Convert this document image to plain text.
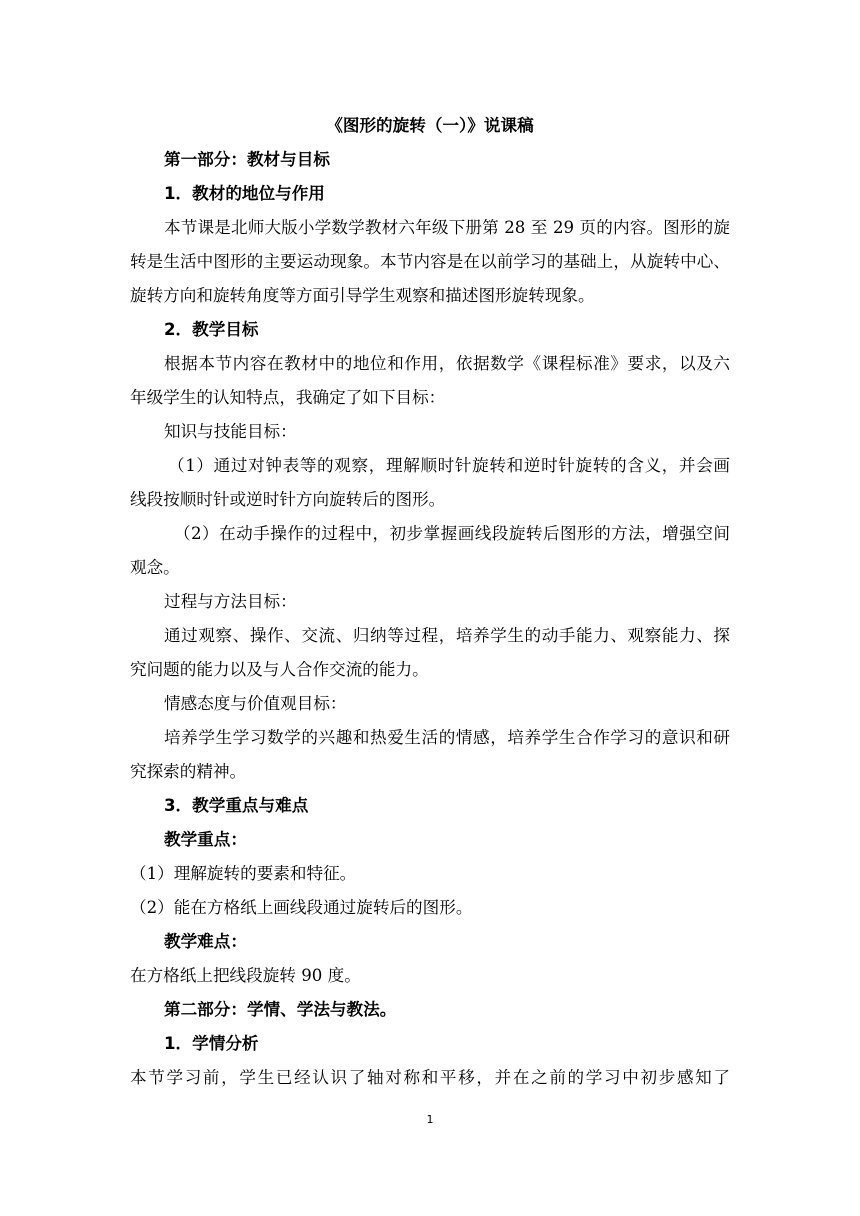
《图形的旋转（一）》说课稿
第一部分：教材与目标
1．教材的地位与作用
本节课是北师大版小学数学教材六年级下册第 28 至 29 页的内容。图形的旋
转是生活中图形的主要运动现象。本节内容是在以前学习的基础上，从旋转中心、
旋转方向和旋转角度等方面引导学生观察和描述图形旋转现象。
2．教学目标
根据本节内容在教材中的地位和作用，依据数学《课程标准》要求，以及六
年级学生的认知特点，我确定了如下目标：
知识与技能目标：
（1）通过对钟表等的观察，理解顺时针旋转和逆时针旋转的含义，并会画
线段按顺时针或逆时针方向旋转后的图形。
（2）在动手操作的过程中，初步掌握画线段旋转后图形的方法，增强空间
观念。
过程与方法目标：
通过观察、操作、交流、归纳等过程，培养学生的动手能力、观察能力、探
究问题的能力以及与人合作交流的能力。
情感态度与价值观目标：
培养学生学习数学的兴趣和热爱生活的情感，培养学生合作学习的意识和研
究探索的精神。
3．教学重点与难点
教学重点：
（1）理解旋转的要素和特征。
（2）能在方格纸上画线段通过旋转后的图形。
教学难点：
在方格纸上把线段旋转 90 度。
第二部分：学情、学法与教法。
1．学情分析
本节学习前，学生已经认识了轴对称和平移，并在之前的学习中初步感知了
1
